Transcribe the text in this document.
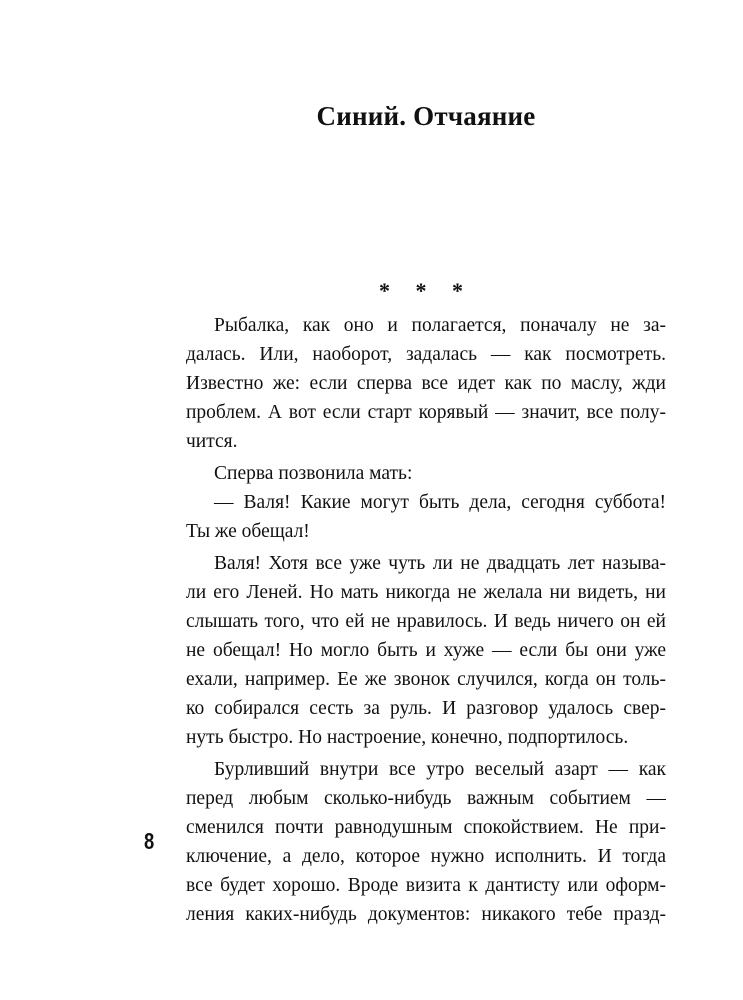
Синий. Отчаяние
* * *
Рыбалка, как оно и полагается, поначалу не за-
далась. Или, наоборот, задалась — как посмотреть.
Известно же: если сперва все идет как по маслу, жди
проблем. А вот если старт корявый — значит, все полу-
чится.
Сперва позвонила мать:
— Валя! Какие могут быть дела, сегодня суббота!
Ты же обещал!
Валя! Хотя все уже чуть ли не двадцать лет называ-
ли его Леней. Но мать никогда не желала ни видеть, ни
слышать того, что ей не нравилось. И ведь ничего он ей
не обещал! Но могло быть и хуже — если бы они уже
ехали, например. Ее же звонок случился, когда он толь-
ко собирался сесть за руль. И разговор удалось свер-
нуть быстро. Но настроение, конечно, подпортилось.
Бурливший внутри все утро веселый азарт — как
перед любым сколько-нибудь важным событием —
сменился почти равнодушным спокойствием. Не при-
ключение, а дело, которое нужно исполнить. И тогда
все будет хорошо. Вроде визита к дантисту или оформ-
ления каких-нибудь документов: никакого тебе празд-
8
